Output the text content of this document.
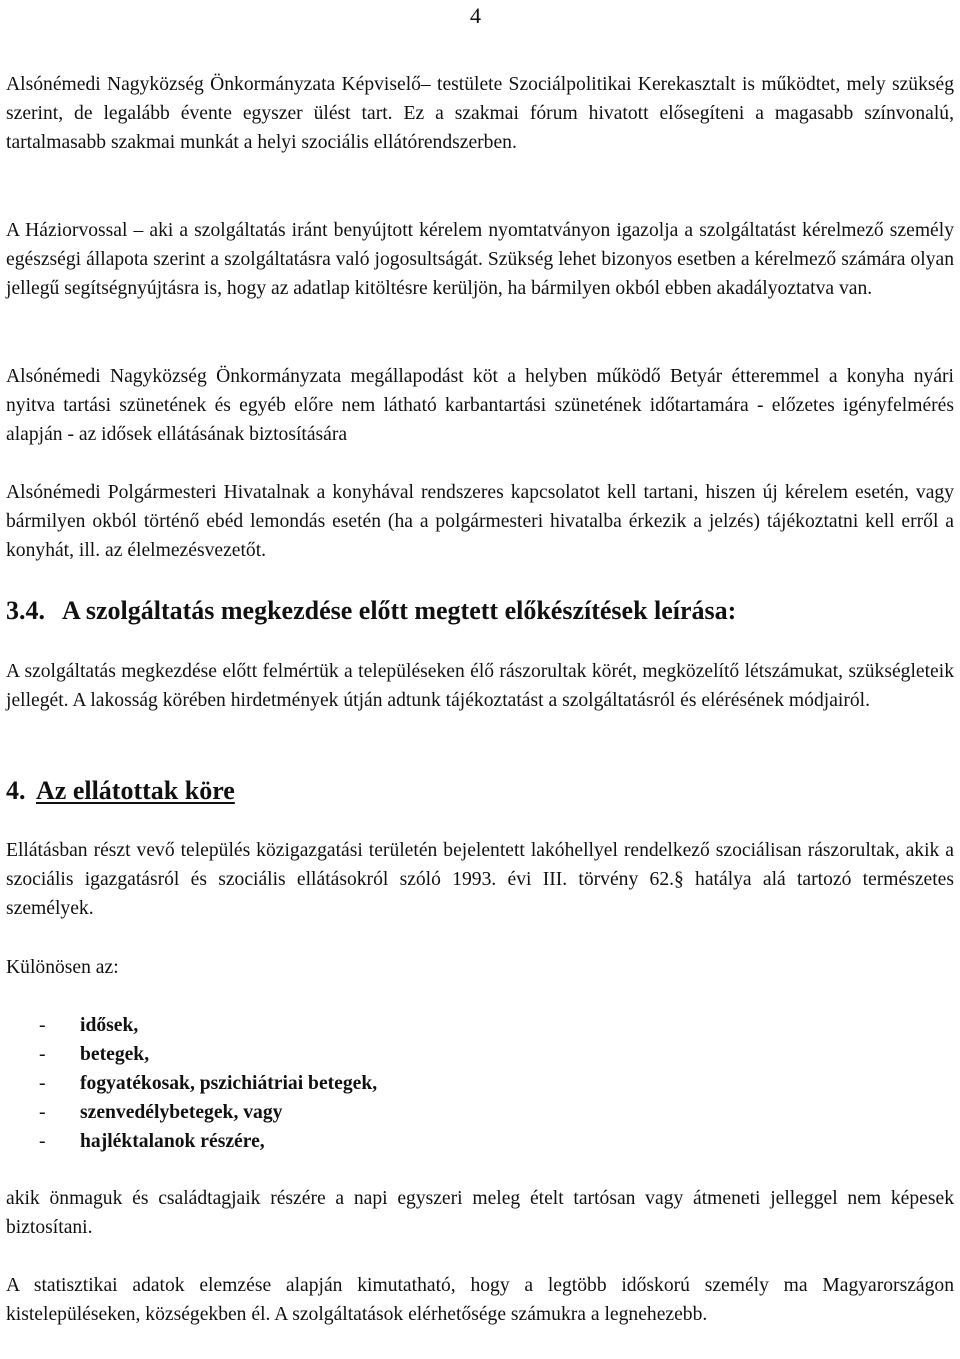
4

Alsónémedi Nagyközség Önkormányzata Képviselő– testülete Szociálpolitikai Kerekasztalt is működtet, mely szükség szerint, de legalább évente egyszer ülést tart. Ez a szakmai fórum hivatott elősegíteni a magasabb színvonalú, tartalmasabb szakmai munkát a helyi szociális ellátórendszerben.

A Háziorvossal – aki a szolgáltatás iránt benyújtott kérelem nyomtatványon igazolja a szolgáltatást kérelmező személy egészségi állapota szerint a szolgáltatásra való jogosultságát. Szükség lehet bizonyos esetben a kérelmező számára olyan jellegű segítségnyújtásra is, hogy az adatlap kitöltésre kerüljön, ha bármilyen okból ebben akadályoztatva van.

Alsónémedi Nagyközség Önkormányzata megállapodást köt a helyben működő Betyár étteremmel a konyha nyári nyitva tartási szünetének és egyéb előre nem látható karbantartási szünetének időtartamára - előzetes igényfelmérés alapján - az idősek ellátásának biztosítására

Alsónémedi Polgármesteri Hivatalnak a konyhával rendszeres kapcsolatot kell tartani, hiszen új kérelem esetén, vagy bármilyen okból történő ebéd lemondás esetén (ha a polgármesteri hivatalba érkezik a jelzés) tájékoztatni kell erről a konyhát, ill. az élelmezésvezetőt.

3.4. A szolgáltatás megkezdése előtt megtett előkészítések leírása:

A szolgáltatás megkezdése előtt felmértük a településeken élő rászorultak körét, megközelítő létszámukat, szükségleteik jellegét. A lakosság körében hirdetmények útján adtunk tájékoztatást a szolgáltatásról és elérésének módjairól.

4. Az ellátottak köre

Ellátásban részt vevő település közigazgatási területén bejelentett lakóhellyel rendelkező szociálisan rászorultak, akik a szociális igazgatásról és szociális ellátásokról szóló 1993. évi III. törvény 62.§ hatálya alá tartozó természetes személyek.

Különösen az:

- idősek,
- betegek,
- fogyatékosak, pszichiátriai betegek,
- szenvedélybetegek, vagy
- hajléktalanok részére,

akik önmaguk és családtagjaik részére a napi egyszeri meleg ételt tartósan vagy átmeneti jelleggel nem képesek biztosítani.

A statisztikai adatok elemzése alapján kimutatható, hogy a legtöbb időskorú személy ma Magyarországon kistelepüléseken, községekben él. A szolgáltatások elérhetősége számukra a legnehezebb.
